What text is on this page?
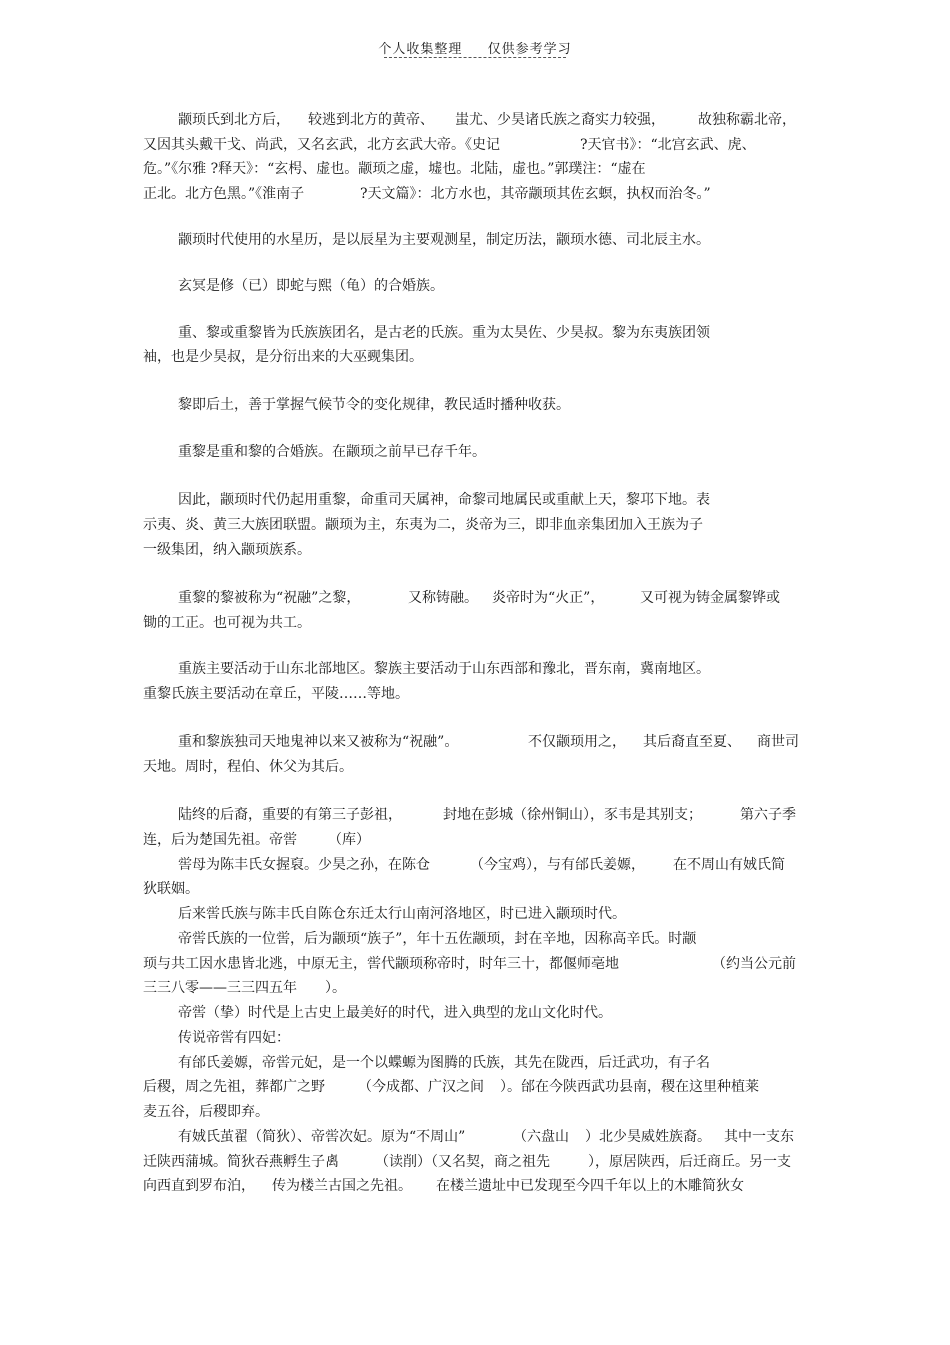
个人收集整理 仅供参考学习
颛顼氏到北方后， 较逃到北方的黄帝、 蚩尤、少昊诸氏族之裔实力较强， 故独称霸北帝，
又因其头戴干戈、尚武，又名玄武，北方玄武大帝。《史记	?天官书》：“北宫玄武、虎、
危。”《尔雅 ?释天》：“玄枵、虚也。颛顼之虚，墟也。北陆，虚也。”郭璞注：“虚在
正北。北方色黑。”《淮南子	?天文篇》：北方水也，其帝颛顼其佐玄螟，执权而治冬。”
颛顼时代使用的水星历，是以辰星为主要观测星，制定历法，颛顼水德、司北辰主水。
玄冥是修（已）即蛇与熙（龟）的合婚族。
重、黎或重黎皆为氏族族团名，是古老的氏族。重为太昊佐、少昊叔。黎为东夷族团领
袖，也是少昊叔，是分衍出来的大巫觋集团。
黎即后土，善于掌握气候节令的变化规律，教民适时播种收获。
重黎是重和黎的合婚族。在颛顼之前早已存千年。
因此，颛顼时代仍起用重黎，命重司天属神，命黎司地属民或重献上天，黎邛下地。表
示夷、炎、黄三大族团联盟。颛顼为主，东夷为二，炎帝为三，即非血亲集团加入王族为子
一级集团，纳入颛顼族系。
重黎的黎被称为“祝融”之黎，	又称铸融。 炎帝时为“火正”，	又可视为铸金属黎铧或
锄的工正。也可视为共工。
重族主要活动于山东北部地区。黎族主要活动于山东西部和豫北，晋东南，冀南地区。
重黎氏族主要活动在章丘，平陵……等地。
重和黎族独司天地鬼神以来又被称为“祝融”。	不仅颛顼用之， 其后裔直至夏、 商世司
天地。周时，程伯、休父为其后。
陆终的后裔，重要的有第三子彭祖，	封地在彭城（徐州铜山），豕韦是其别支；	第六子季
连，后为楚国先祖。帝喾 （库）
喾母为陈丰氏女握裒。少昊之孙，在陈仓	（今宝鸡），与有邰氏姜嫄， 在不周山有娀氏简
狄联姻。
后来喾氏族与陈丰氏自陈仓东迁太行山南河洛地区，时已进入颛顼时代。
帝喾氏族的一位喾，后为颛顼“族子”，年十五佐颛顼，封在辛地，因称高辛氏。时颛
顼与共工因水患皆北逃，中原无主，喾代颛顼称帝时，时年三十，都偃师亳地	（约当公元前
三三八零——三三四五年 ）。
帝喾（挚）时代是上古史上最美好的时代，进入典型的龙山文化时代。
传说帝喾有四妃：
有邰氏姜嫄，帝喾元妃，是一个以蝶螈为图腾的氏族，其先在陇西，后迁武功，有子名
后稷，周之先祖，葬都广之野 （今成都、广汉之间 ）。邰在今陕西武功县南，稷在这里种植莱
麦五谷，后稷即弃。
有娀氏茧翟（简狄）、帝喾次妃。原为“不周山”	（六盘山 ）北少昊威姓族裔。 其中一支东
迁陕西蒲城。简狄吞燕孵生子禼	（读削）（又名契，商之祖先	），原居陕西，后迁商丘。另一支
向西直到罗布泊， 传为楼兰古国之先祖。 在楼兰遗址中已发现至今四千年以上的木雕简狄女
